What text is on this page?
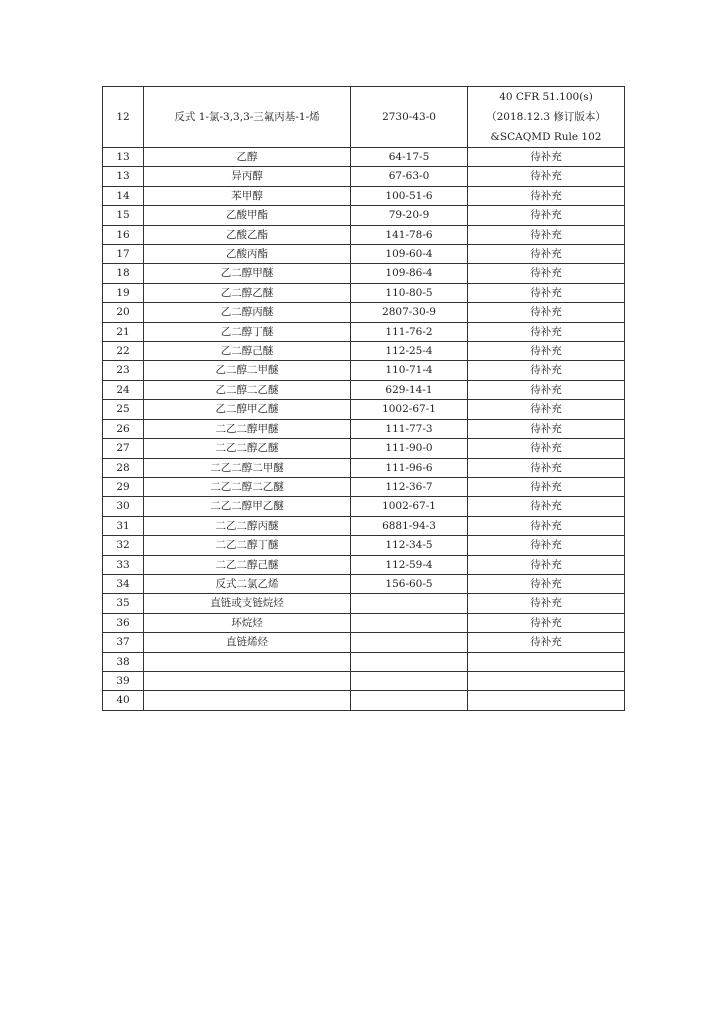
12	反式 1-氯-3,3,3-三氟丙基-1-烯	2730-43-0	40 CFR 51.100(s)（2018.12.3 修订版本）&SCAQMD Rule 102
13	乙醇	64-17-5	待补充
13	异丙醇	67-63-0	待补充
14	苯甲醇	100-51-6	待补充
15	乙酸甲酯	79-20-9	待补充
16	乙酸乙酯	141-78-6	待补充
17	乙酸丙酯	109-60-4	待补充
18	乙二醇甲醚	109-86-4	待补充
19	乙二醇乙醚	110-80-5	待补充
20	乙二醇丙醚	2807-30-9	待补充
21	乙二醇丁醚	111-76-2	待补充
22	乙二醇己醚	112-25-4	待补充
23	乙二醇二甲醚	110-71-4	待补充
24	乙二醇二乙醚	629-14-1	待补充
25	乙二醇甲乙醚	1002-67-1	待补充
26	二乙二醇甲醚	111-77-3	待补充
27	二乙二醇乙醚	111-90-0	待补充
28	二乙二醇二甲醚	111-96-6	待补充
29	二乙二醇二乙醚	112-36-7	待补充
30	二乙二醇甲乙醚	1002-67-1	待补充
31	二乙二醇丙醚	6881-94-3	待补充
32	二乙二醇丁醚	112-34-5	待补充
33	二乙二醇己醚	112-59-4	待补充
34	反式二氯乙烯	156-60-5	待补充
35	直链或支链烷烃		待补充
36	环烷烃		待补充
37	直链烯烃		待补充
38			
39			
40			
